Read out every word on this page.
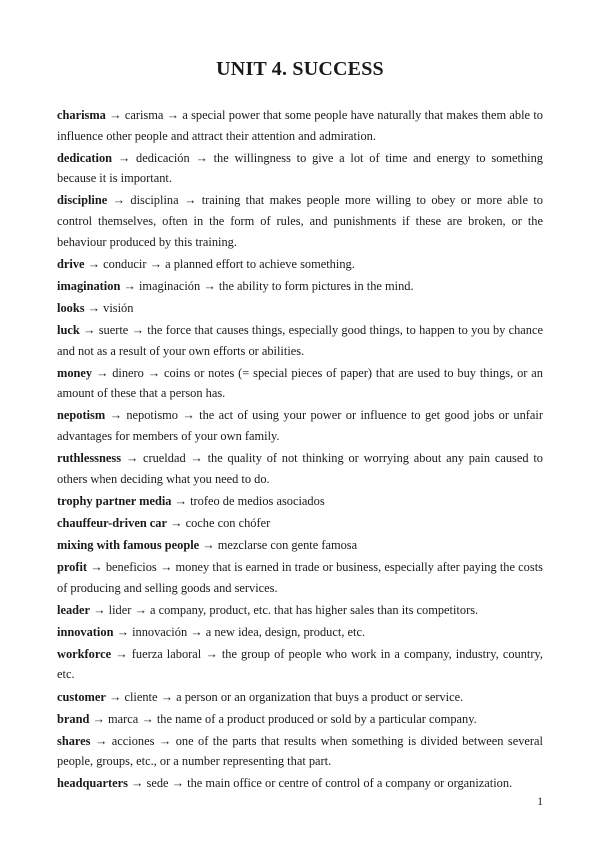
UNIT 4. SUCCESS

charisma → carisma → a special power that some people have naturally that makes them able to influence other people and attract their attention and admiration.

dedication → dedicación → the willingness to give a lot of time and energy to something because it is important.

discipline → disciplina → training that makes people more willing to obey or more able to control themselves, often in the form of rules, and punishments if these are broken, or the behaviour produced by this training.

drive → conducir → a planned effort to achieve something.

imagination → imaginación → the ability to form pictures in the mind.

looks → visión

luck → suerte → the force that causes things, especially good things, to happen to you by chance and not as a result of your own efforts or abilities.

money → dinero → coins or notes (= special pieces of paper) that are used to buy things, or an amount of these that a person has.

nepotism → nepotismo → the act of using your power or influence to get good jobs or unfair advantages for members of your own family.

ruthlessness → crueldad → the quality of not thinking or worrying about any pain caused to others when deciding what you need to do.

trophy partner media → trofeo de medios asociados

chauffeur-driven car → coche con chófer

mixing with famous people → mezclarse con gente famosa

profit → beneficios → money that is earned in trade or business, especially after paying the costs of producing and selling goods and services.

leader → lider → a company, product, etc. that has higher sales than its competitors.

innovation → innovación → a new idea, design, product, etc.

workforce → fuerza laboral → the group of people who work in a company, industry, country, etc.

customer → cliente → a person or an organization that buys a product or service.

brand → marca → the name of a product produced or sold by a particular company.

shares → acciones → one of the parts that results when something is divided between several people, groups, etc., or a number representing that part.

headquarters → sede → the main office or centre of control of a company or organization.

1
